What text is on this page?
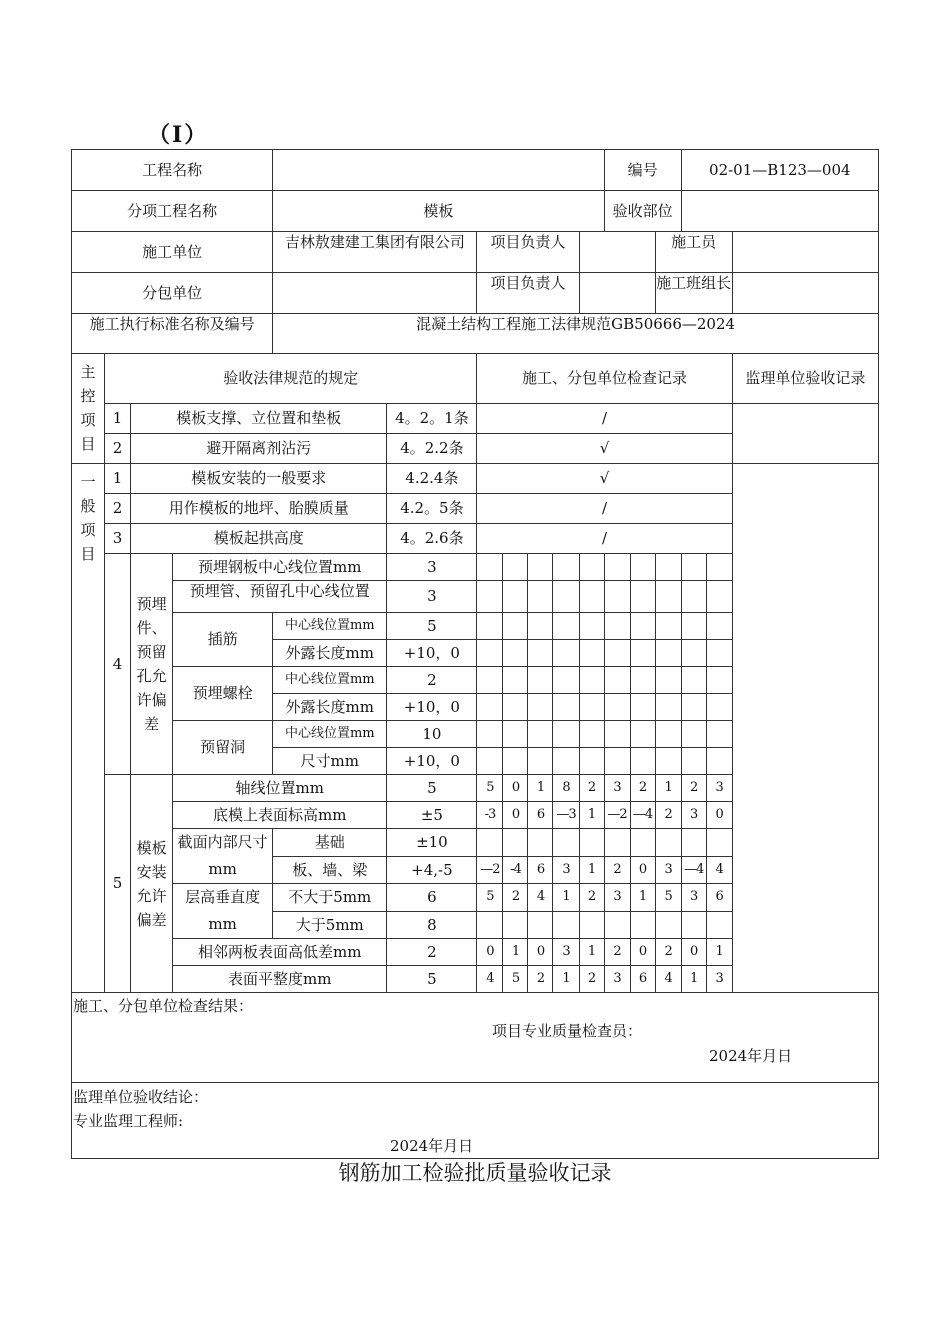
（Ⅰ）
工程名称											编号			02-01—B123—004		
分项工程名称				模板							验收部位					
施工单位				吉林敖建建工集团有限公司		项目负责人							施工员			
分包单位						项目负责人							施工班组长			
施工执行标准名称及编号				混凝土结构工程施工法律规范GB50666—2024												

主控项目	验收法律规范的规定					施工、分包单位检查记录										监理单位验收记录
	1	模板支撑、立位置和垫板			4。2。1条	/										
	2	避开隔离剂沾污			4。2.2条	√										

一般项目	1	模板安装的一般要求			4.2.4条	√										
	2	用作模板的地坪、胎膜质量			4.2。5条	/										
	3	模板起拱高度			4。2.6条	/										
	4	预埋件、预留孔允许偏差	预埋钢板中心线位置mm		3											
			预埋管、预留孔中心线位置		3											
			插筋	中心线位置mm	5											
				外露长度mm	+10，0											
			预埋螺栓	中心线位置mm	2											
				外露长度mm	+10，0											
			预留洞	中心线位置mm	10											
				尺寸mm	+10，0											
	5	模板安装允许偏差	轴线位置mm		5	5	0	1	8	2	3	2	1	2	3	
			底模上表面标高mm		±5	-3	0	6	—3	1	—2	—4	2	3	0	
			截面内部尺寸mm	基础	±10											
				板、墙、梁	+4,-5	—2	-4	6	3	1	2	0	3	—4	4	
			层高垂直度mm	不大于5mm	6	5	2	4	1	2	3	1	5	3	6	
				大于5mm	8											
			相邻两板表面高低差mm		2	0	1	0	3	1	2	0	2	0	1	
			表面平整度mm		5	4	5	2	1	2	3	6	4	1	3	

施工、分包单位检查结果：
项目专业质量检查员：
2024年月日																

监理单位验收结论：
专业监理工程师:
2024年月日																
钢筋加工检验批质量验收记录
